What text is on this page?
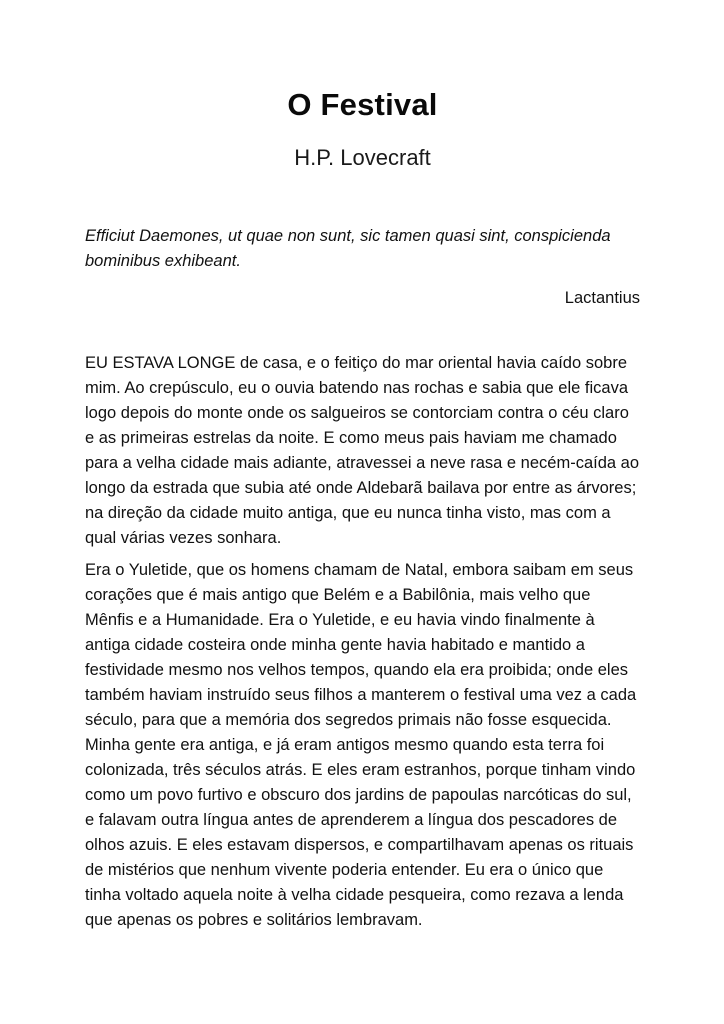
O Festival
H.P. Lovecraft

Efficiut Daemones, ut quae non sunt, sic tamen quasi sint, conspicienda bominibus exhibeant.

Lactantius

EU ESTAVA LONGE de casa, e o feitiço do mar oriental havia caído sobre mim. Ao crepúsculo, eu o ouvia batendo nas rochas e sabia que ele ficava logo depois do monte onde os salgueiros se contorciam contra o céu claro e as primeiras estrelas da noite. E como meus pais haviam me chamado para a velha cidade mais adiante, atravessei a neve rasa e necém-caída ao longo da estrada que subia até onde Aldebarã bailava por entre as árvores; na direção da cidade muito antiga, que eu nunca tinha visto, mas com a qual várias vezes sonhara.

Era o Yuletide, que os homens chamam de Natal, embora saibam em seus corações que é mais antigo que Belém e a Babilônia, mais velho que Mênfis e a Humanidade. Era o Yuletide, e eu havia vindo finalmente à antiga cidade costeira onde minha gente havia habitado e mantido a festividade mesmo nos velhos tempos, quando ela era proibida; onde eles também haviam instruído seus filhos a manterem o festival uma vez a cada século, para que a memória dos segredos primais não fosse esquecida. Minha gente era antiga, e já eram antigos mesmo quando esta terra foi colonizada, três séculos atrás. E eles eram estranhos, porque tinham vindo como um povo furtivo e obscuro dos jardins de papoulas narcóticas do sul, e falavam outra língua antes de aprenderem a língua dos pescadores de olhos azuis. E eles estavam dispersos, e compartilhavam apenas os rituais de mistérios que nenhum vivente poderia entender. Eu era o único que tinha voltado aquela noite à velha cidade pesqueira, como rezava a lenda que apenas os pobres e solitários lembravam.
